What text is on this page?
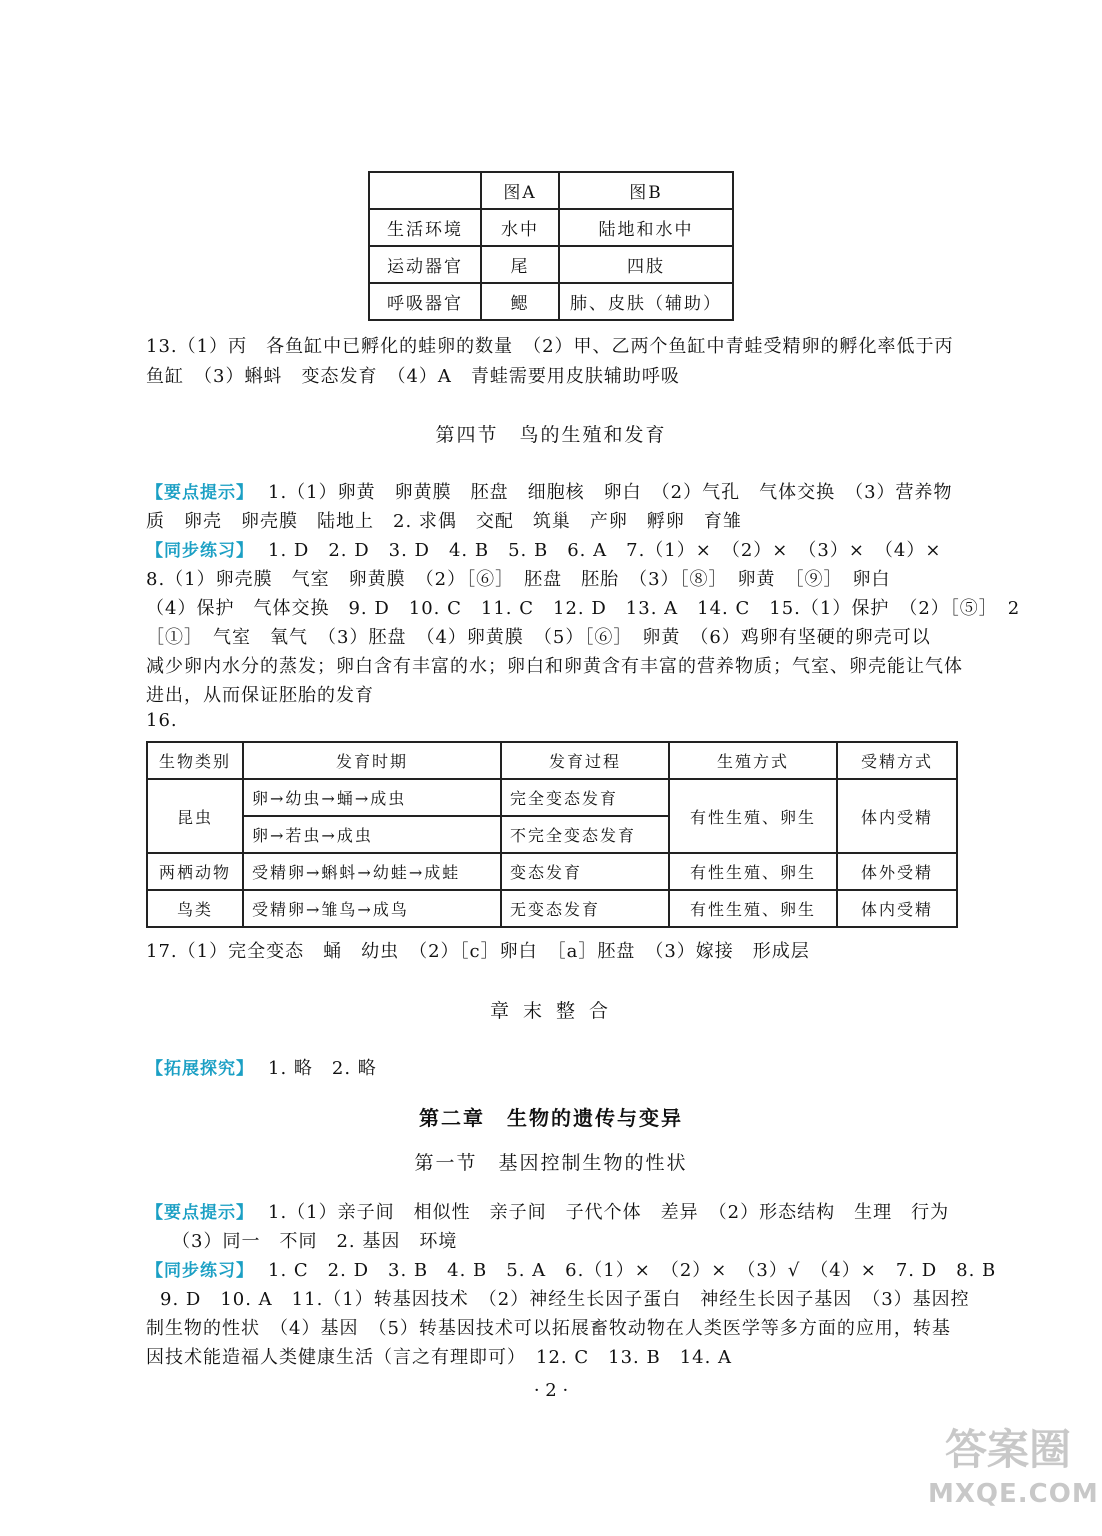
	图A	图B
生活环境	水中	陆地和水中
运动器官	尾	四肢
呼吸器官	鳃	肺、皮肤（辅助）
13.（1）丙　各鱼缸中已孵化的蛙卵的数量　（2）甲、乙两个鱼缸中青蛙受精卵的孵化率低于丙
鱼缸　（3）蝌蚪　变态发育　（4）A　青蛙需要用皮肤辅助呼吸
第四节　鸟的生殖和发育
【要点提示】 1.（1）卵黄　卵黄膜　胚盘　细胞核　卵白　（2）气孔　气体交换　（3）营养物
质　卵壳　卵壳膜　陆地上　2. 求偶　交配　筑巢　产卵　孵卵　育雏
【同步练习】 1. D　2. D　3. D　4. B　5. B　6. A　7.（1）×　（2）×　（3）×　（4）×
8.（1）卵壳膜　气室　卵黄膜　（2）［⑥］　胚盘　胚胎　（3）［⑧］　卵黄　［⑨］　卵白
（4）保护　气体交换　9. D　10. C　11. C　12. D　13. A　14. C　15.（1）保护　（2）［⑤］　2
［①］　气室　氧气　（3）胚盘　（4）卵黄膜　（5）［⑥］　卵黄　（6）鸡卵有坚硬的卵壳可以
减少卵内水分的蒸发；卵白含有丰富的水；卵白和卵黄含有丰富的营养物质；气室、卵壳能让气体
进出，从而保证胚胎的发育
16.
生物类别	发育时期	发育过程	生殖方式	受精方式
昆虫	卵→幼虫→蛹→成虫	完全变态发育	有性生殖、卵生	体内受精
	卵→若虫→成虫	不完全变态发育		
两栖动物	受精卵→蝌蚪→幼蛙→成蛙	变态发育	有性生殖、卵生	体外受精
鸟类	受精卵→雏鸟→成鸟	无变态发育	有性生殖、卵生	体内受精
17.（1）完全变态　蛹　幼虫　（2）［c］卵白　［a］胚盘　（3）嫁接　形成层
章 末 整 合
【拓展探究】 1. 略　2. 略
第二章　生物的遗传与变异
第一节　基因控制生物的性状
【要点提示】 1.（1）亲子间　相似性　亲子间　子代个体　差异　（2）形态结构　生理　行为
（3）同一　不同　2. 基因　环境
【同步练习】 1. C　2. D　3. B　4. B　5. A　6.（1）×　（2）×　（3）√　（4）×　7. D　8. B
9. D　10. A　11.（1）转基因技术　（2）神经生长因子蛋白　神经生长因子基因　（3）基因控
制生物的性状　（4）基因　（5）转基因技术可以拓展畜牧动物在人类医学等多方面的应用，转基
因技术能造福人类健康生活（言之有理即可）　12. C　13. B　14. A
· 2 ·
答案圈
MXQE.COM
